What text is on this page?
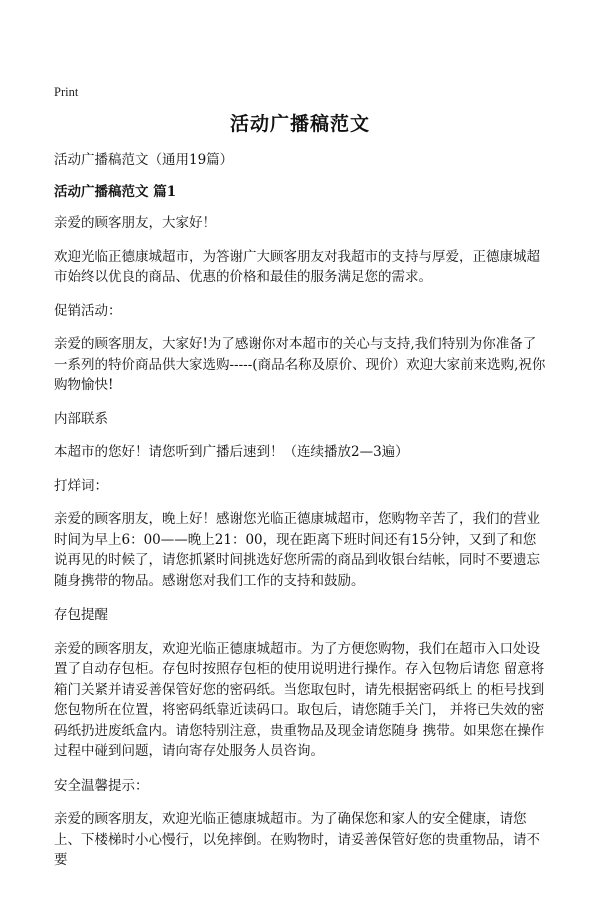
Print
活动广播稿范文

活动广播稿范文（通用19篇）

活动广播稿范文 篇1

亲爱的顾客朋友，大家好！

欢迎光临正德康城超市，为答谢广大顾客朋友对我超市的支持与厚爱，正德康城超市始终以优良的商品、优惠的价格和最佳的服务满足您的需求。

促销活动：

亲爱的顾客朋友，大家好!为了感谢你对本超市的关心与支持,我们特别为你准备了一系列的特价商品供大家选购-----(商品名称及原价、现价）欢迎大家前来选购,祝你购物愉快!

内部联系

本超市的您好！请您听到广播后速到！（连续播放2—3遍）

打烊词：

亲爱的顾客朋友，晚上好！感谢您光临正德康城超市，您购物辛苦了，我们的营业时间为早上6：00——晚上21：00，现在距离下班时间还有15分钟，又到了和您说再见的时候了，请您抓紧时间挑选好您所需的商品到收银台结帐，同时不要遗忘随身携带的物品。感谢您对我们工作的支持和鼓励。

存包提醒

亲爱的顾客朋友，欢迎光临正德康城超市。为了方便您购物，我们在超市入口处设置了自动存包柜。存包时按照存包柜的使用说明进行操作。存入包物后请您 留意将箱门关紧并请妥善保管好您的密码纸。当您取包时，请先根据密码纸上 的柜号找到您包物所在位置，将密码纸靠近读码口。取包后，请您随手关门， 并将已失效的密码纸扔进废纸盒内。请您特别注意，贵重物品及现金请您随身 携带。如果您在操作过程中碰到问题，请向寄存处服务人员咨询。

安全温馨提示：

亲爱的顾客朋友，欢迎光临正德康城超市。为了确保您和家人的安全健康，请您上、下楼梯时小心慢行，以免摔倒。在购物时，请妥善保管好您的贵重物品，请不要
